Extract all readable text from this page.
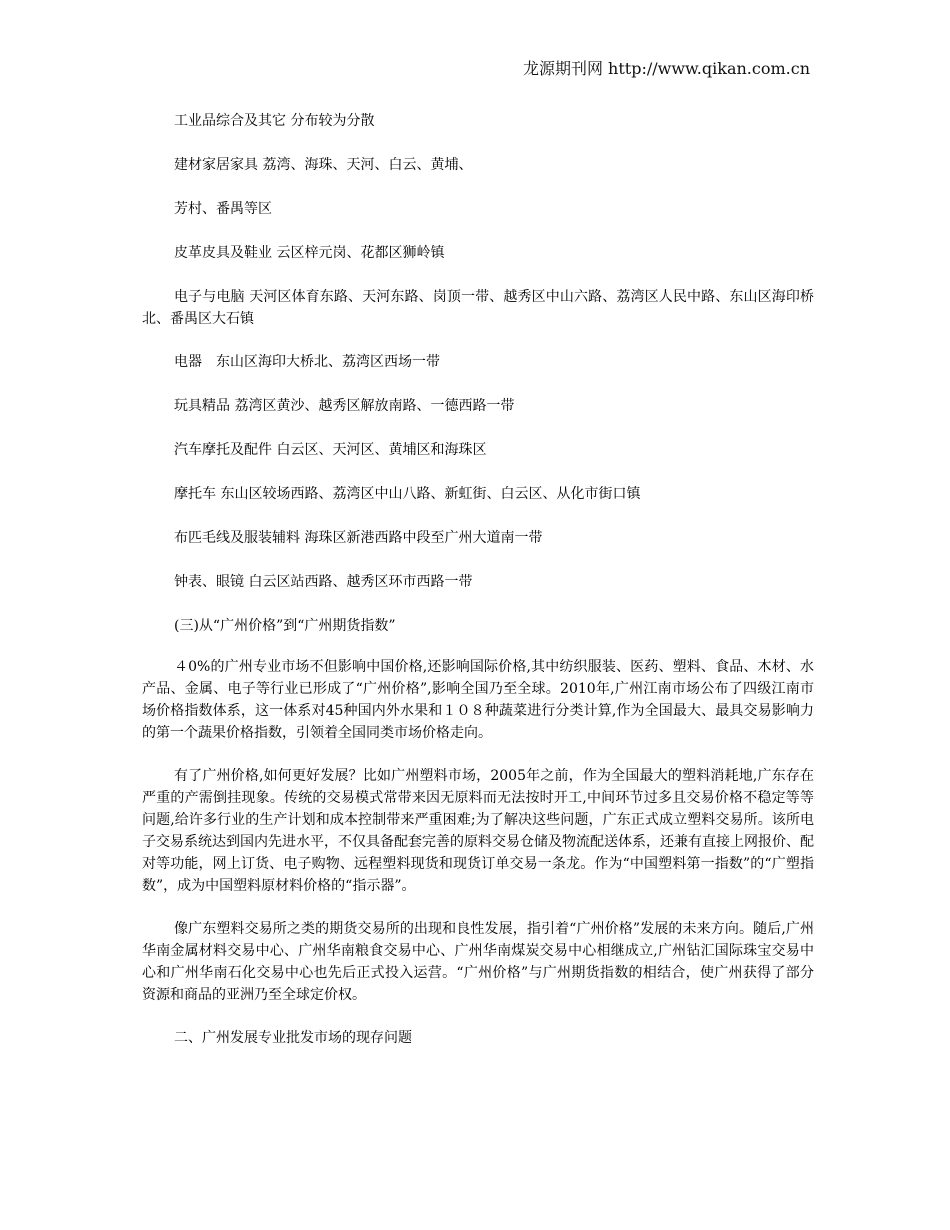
龙源期刊网 http://www.qikan.com.cn

工业品综合及其它 分布较为分散

建材家居家具 荔湾、海珠、天河、白云、黄埔、

芳村、番禺等区

皮革皮具及鞋业 云区梓元岗、花都区狮岭镇

电子与电脑 天河区体育东路、天河东路、岗顶一带、越秀区中山六路、荔湾区人民中路、东山区海印桥北、番禺区大石镇

电器　东山区海印大桥北、荔湾区西场一带

玩具精品 荔湾区黄沙、越秀区解放南路、一德西路一带

汽车摩托及配件 白云区、天河区、黄埔区和海珠区

摩托车 东山区较场西路、荔湾区中山八路、新虹街、白云区、从化市街口镇

布匹毛线及服装辅料 海珠区新港西路中段至广州大道南一带

钟表、眼镜 白云区站西路、越秀区环市西路一带

(三)从“广州价格”到“广州期货指数”

４0%的广州专业市场不但影响中国价格,还影响国际价格,其中纺织服装、医药、塑料、食品、木材、水产品、金属、电子等行业已形成了“广州价格”,影响全国乃至全球。2010年,广州江南市场公布了四级江南市场价格指数体系，这一体系对45种国内外水果和１０８种蔬菜进行分类计算,作为全国最大、最具交易影响力的第一个蔬果价格指数，引领着全国同类市场价格走向。

有了广州价格,如何更好发展？比如广州塑料市场，2005年之前，作为全国最大的塑料消耗地,广东存在严重的产需倒挂现象。传统的交易模式常带来因无原料而无法按时开工,中间环节过多且交易价格不稳定等等问题,给许多行业的生产计划和成本控制带来严重困难;为了解决这些问题，广东正式成立塑料交易所。该所电子交易系统达到国内先进水平，不仅具备配套完善的原料交易仓储及物流配送体系，还兼有直接上网报价、配对等功能，网上订货、电子购物、远程塑料现货和现货订单交易一条龙。作为“中国塑料第一指数”的“广塑指数”，成为中国塑料原材料价格的“指示器”。

像广东塑料交易所之类的期货交易所的出现和良性发展，指引着“广州价格”发展的未来方向。随后,广州华南金属材料交易中心、广州华南粮食交易中心、广州华南煤炭交易中心相继成立,广州钻汇国际珠宝交易中心和广州华南石化交易中心也先后正式投入运营。“广州价格”与广州期货指数的相结合，使广州获得了部分资源和商品的亚洲乃至全球定价权。

二、广州发展专业批发市场的现存问题
